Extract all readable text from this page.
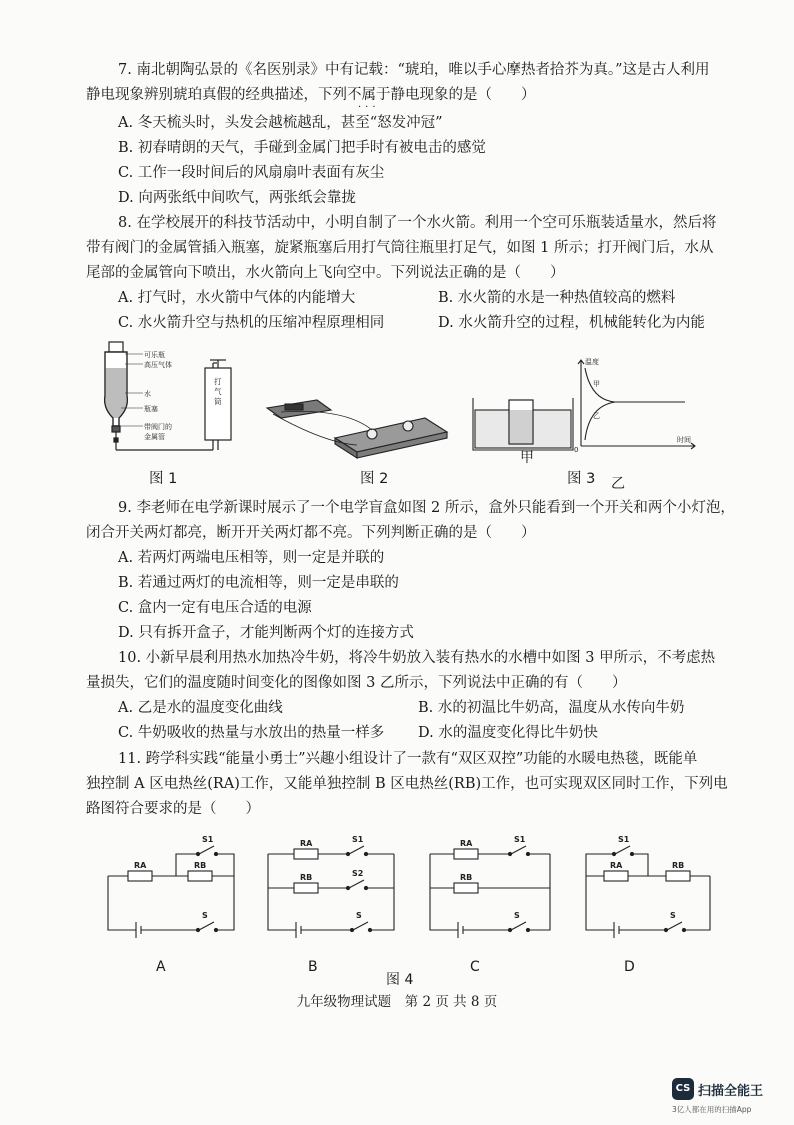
7. 南北朝陶弘景的《名医别录》中有记载：“琥珀，唯以手心摩热者拾芥为真。”这是古人利用
静电现象辨别琥珀真假的经典描述，下列不属于 ···静电现象的是（　　）
A. 冬天梳头时，头发会越梳越乱，甚至“怒发冲冠”
B. 初春晴朗的天气，手碰到金属门把手时有被电击的感觉
C. 工作一段时间后的风扇扇叶表面有灰尘
D. 向两张纸中间吹气，两张纸会靠拢
8. 在学校展开的科技节活动中，小明自制了一个水火箭。利用一个空可乐瓶装适量水，然后将
带有阀门的金属管插入瓶塞，旋紧瓶塞后用打气筒往瓶里打足气，如图 1 所示；打开阀门后，水从
尾部的金属管向下喷出，水火箭向上飞向空中。下列说法正确的是（　　）
A. 打气时，水火箭中气体的内能增大	B. 水火箭的水是一种热值较高的燃料
C. 水火箭升空与热机的压缩冲程原理相同	D. 水火箭升空的过程，机械能转化为内能
可乐瓶
高压气体
水
瓶塞
带阀门的
金属管
打
气
筒
图 1	图 2
甲
温度
时间
0
甲
乙
图 3 乙
9. 李老师在电学新课时展示了一个电学盲盒如图 2 所示，盒外只能看到一个开关和两个小灯泡，
闭合开关两灯都亮，断开开关两灯都不亮。下列判断正确的是（　　）
A. 若两灯两端电压相等，则一定是并联的
B. 若通过两灯的电流相等，则一定是串联的
C. 盒内一定有电压合适的电源
D. 只有拆开盒子，才能判断两个灯的连接方式
10. 小新早晨利用热水加热冷牛奶，将冷牛奶放入装有热水的水槽中如图 3 甲所示，不考虑热
量损失，它们的温度随时间变化的图像如图 3 乙所示，下列说法中正确的有（　　）
A. 乙是水的温度变化曲线	B. 水的初温比牛奶高，温度从水传向牛奶
C. 牛奶吸收的热量与水放出的热量一样多 D. 水的温度变化得比牛奶快
11. 跨学科实践“能量小勇士”兴趣小组设计了一款有“双区双控”功能的水暖电热毯，既能单
独控制 A 区电热丝(RA)工作，又能单独控制 B 区电热丝(RB)工作，也可实现双区同时工作，下列电
路图符合要求的是（　　）
RA	RB
S1
S
RA
RB
S1
S2
S
RA
RB
S1
S
RA	RB
S1
S
A	B	C	D
图 4
九年级物理试题　第 2 页 共 8 页
CS 扫描全能王
3亿人都在用的扫描App
